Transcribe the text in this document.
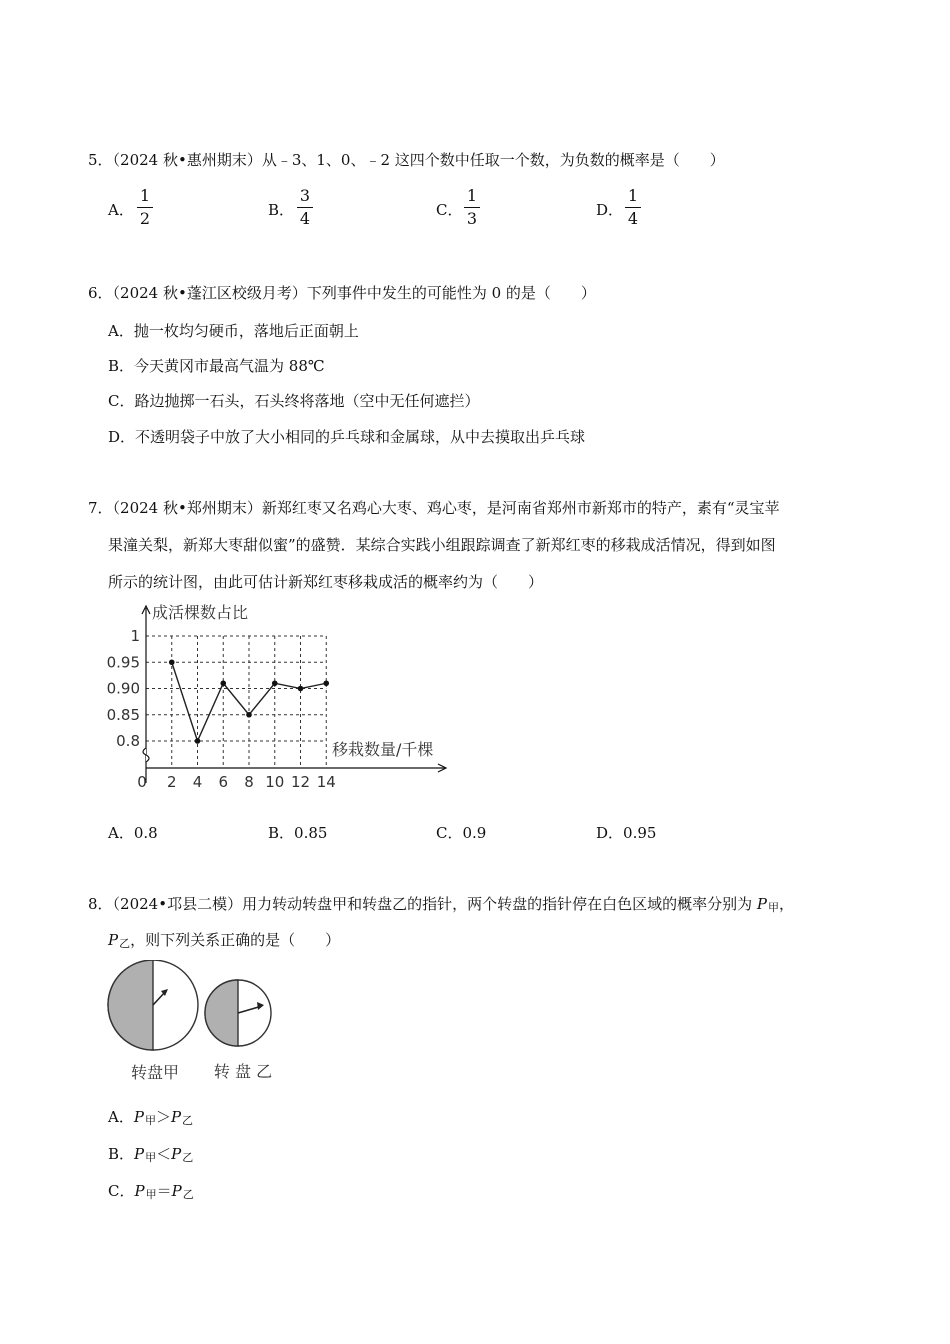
5．（2024 秋•惠州期末）从﹣3、1、0、﹣2 这四个数中任取一个数，为负数的概率是（　　）
A．
1
2	B．
3
4	C．
1
3	D．
1
4
6．（2024 秋•蓬江区校级月考）下列事件中发生的可能性为 0 的是（　　）
A．抛一枚均匀硬币，落地后正面朝上
B．今天黄冈市最高气温为 88℃
C．路边抛掷一石头，石头终将落地（空中无任何遮拦）
D．不透明袋子中放了大小相同的乒乓球和金属球，从中去摸取出乒乓球
7．（2024 秋•郑州期末）新郑红枣又名鸡心大枣、鸡心枣，是河南省郑州市新郑市的特产，素有“灵宝苹
果潼关梨，新郑大枣甜似蜜”的盛赞．某综合实践小组跟踪调查了新郑红枣的移栽成活情况，得到如图
所示的统计图，由此可估计新郑红枣移栽成活的概率约为（　　）
成活棵数占比
移栽数量/千棵
0 2 4 6 8 10 12 14
1
0.95
0.90
0.85
0.8
A．0.8	B．0.85	C．0.9	D．0.95
8．（2024•邛县二模）用力转动转盘甲和转盘乙的指针，两个转盘的指针停在白色区域的概率分别为 P甲，
P乙，则下列关系正确的是（　　）
转盘甲 转 盘 乙
A．P甲＞P乙
B．P甲＜P乙
C．P甲＝P乙
